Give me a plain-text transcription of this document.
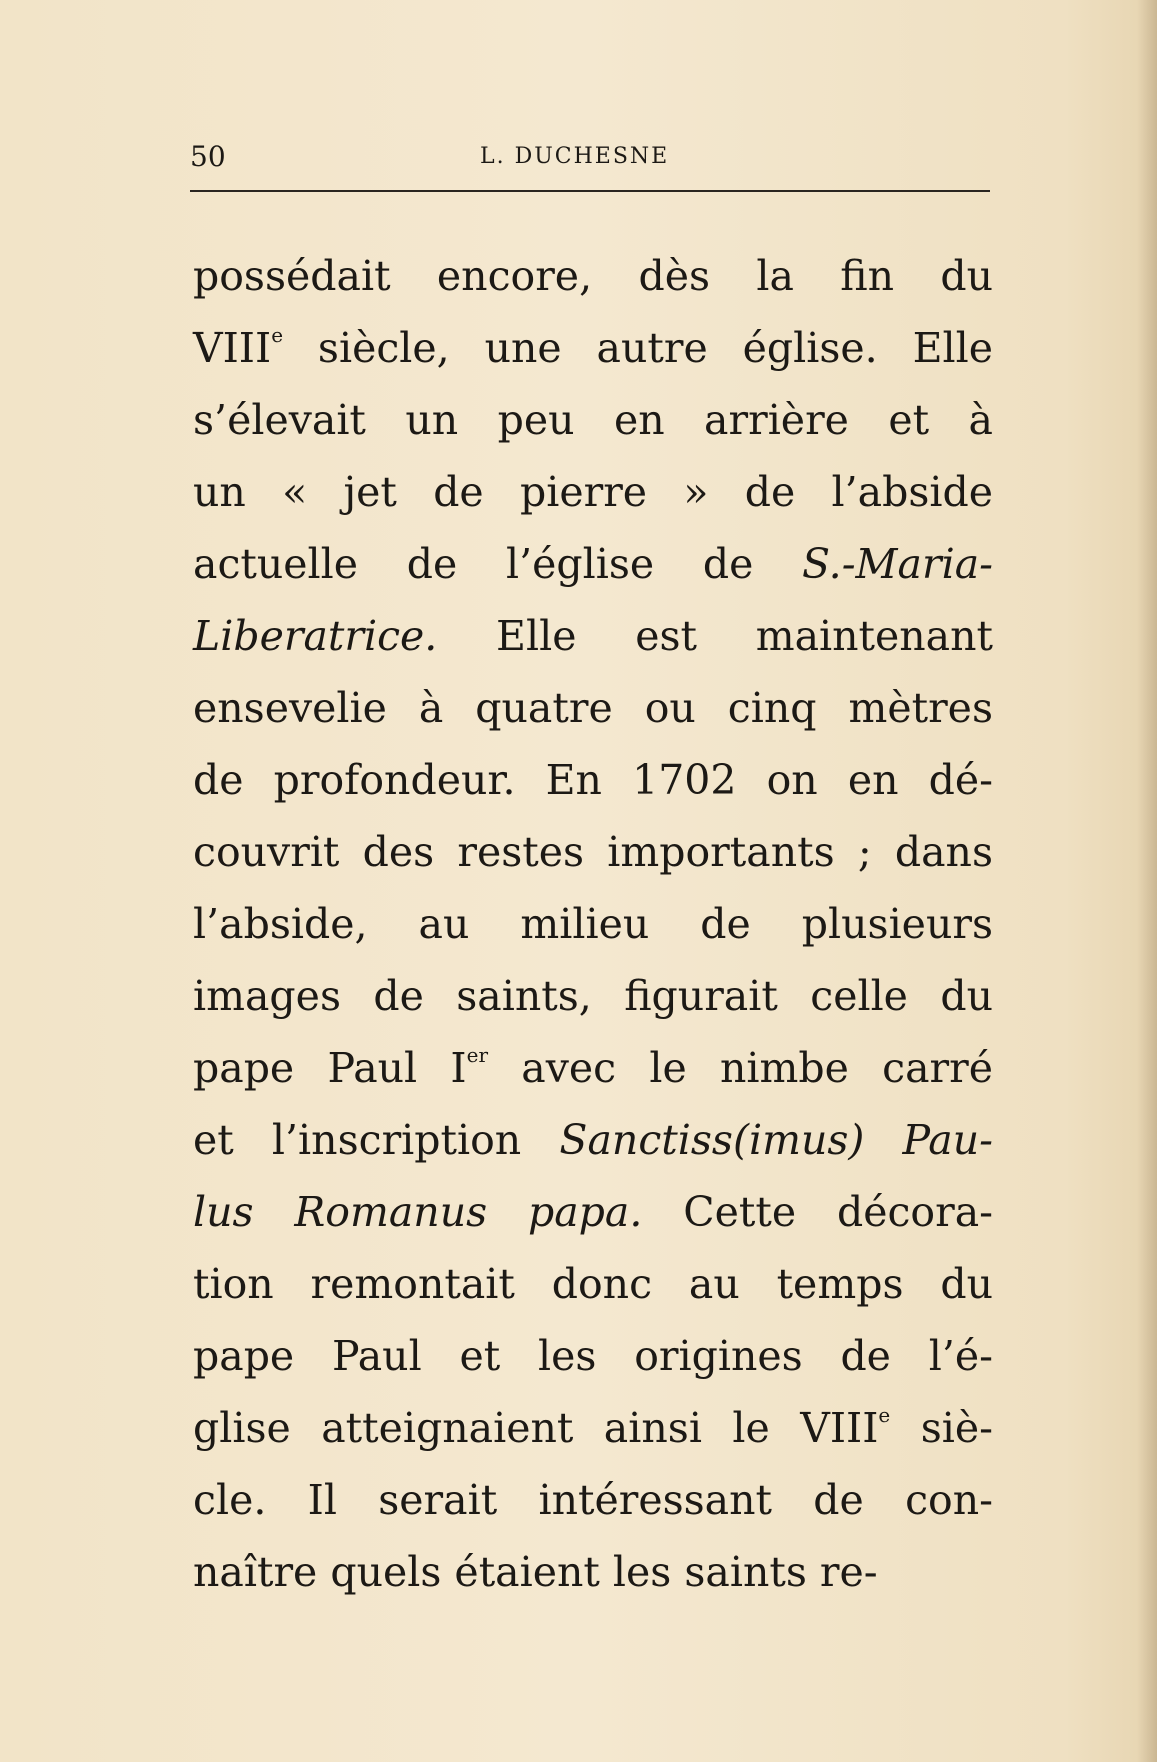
50	L. DUCHESNE
possédait encore, dès la fin du
VIIIe siècle, une autre église. Elle
s’élevait un peu en arrière et à
un « jet de pierre » de l’abside
actuelle de l’église de S.-Maria-
Liberatrice. Elle est maintenant
ensevelie à quatre ou cinq mètres
de profondeur. En 1702 on en dé-
couvrit des restes importants ; dans
l’abside, au milieu de plusieurs
images de saints, figurait celle du
pape Paul Ier avec le nimbe carré
et l’inscription Sanctiss(imus) Pau-
lus Romanus papa. Cette décora-
tion remontait donc au temps du
pape Paul et les origines de l’é-
glise atteignaient ainsi le VIIIe siè-
cle. Il serait intéressant de con-
naître quels étaient les saints re-
